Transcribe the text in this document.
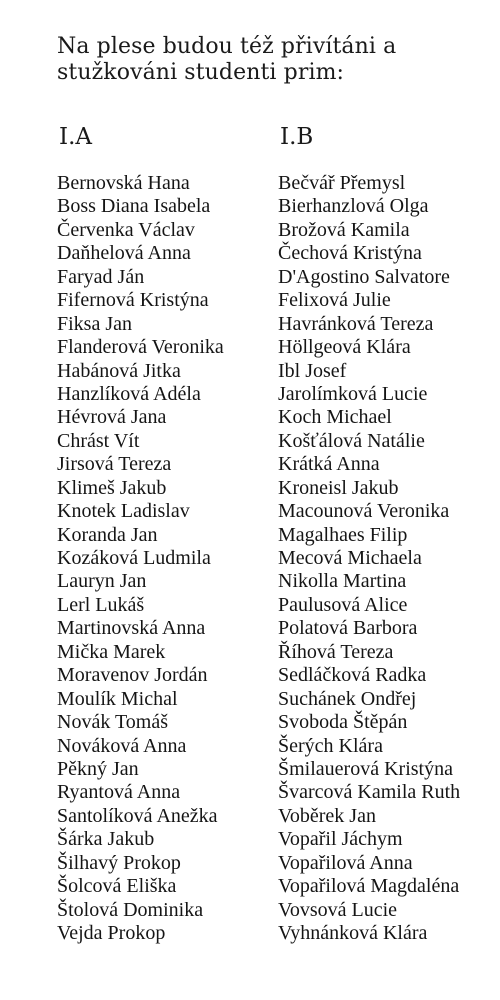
Na plese budou též přivítáni a
stužkováni studenti prim:
I.A	I.B
Bernovská Hana
Boss Diana Isabela
Červenka Václav
Daňhelová Anna
Faryad Ján
Fifernová Kristýna
Fiksa Jan
Flanderová Veronika
Habánová Jitka
Hanzlíková Adéla
Hévrová Jana
Chrást Vít
Jirsová Tereza
Klimeš Jakub
Knotek Ladislav
Koranda Jan
Kozáková Ludmila
Lauryn Jan
Lerl Lukáš
Martinovská Anna
Mička Marek
Moravenov Jordán
Moulík Michal
Novák Tomáš
Nováková Anna
Pěkný Jan
Ryantová Anna
Santolíková Anežka
Šárka Jakub
Šilhavý Prokop
Šolcová Eliška
Štolová Dominika
Vejda Prokop
Bečvář Přemysl
Bierhanzlová Olga
Brožová Kamila
Čechová Kristýna
D'Agostino Salvatore
Felixová Julie
Havránková Tereza
Höllgeová Klára
Ibl Josef
Jarolímková Lucie
Koch Michael
Košťálová Natálie
Krátká Anna
Kroneisl Jakub
Macounová Veronika
Magalhaes Filip
Mecová Michaela
Nikolla Martina
Paulusová Alice
Polatová Barbora
Říhová Tereza
Sedláčková Radka
Suchánek Ondřej
Svoboda Štěpán
Šerých Klára
Šmilauerová Kristýna
Švarcová Kamila Ruth
Voběrek Jan
Vopařil Jáchym
Vopařilová Anna
Vopařilová Magdaléna
Vovsová Lucie
Vyhnánková Klára
